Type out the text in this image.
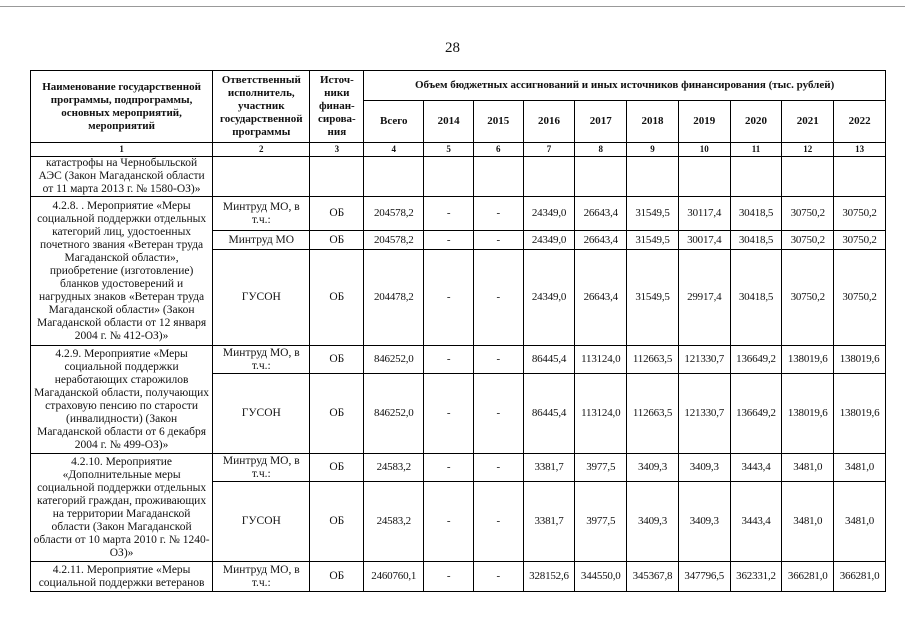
28
Наименование государственной программы, подпрограммы, основных мероприятий, мероприятий	Ответственный исполнитель, участник государственной программы	Источ-ники финан-сирова-ния	Объем бюджетных ассигнований и иных источников финансирования (тыс. рублей)									
			Всего	2014	2015	2016	2017	2018	2019	2020	2021	2022
1	2	3	4	5	6	7	8	9	10	11	12	13
катастрофы на Чернобыльской АЭС (Закон Магаданской области от 11 марта 2013 г. № 1580-ОЗ)»												
4.2.8. . Мероприятие «Меры социальной поддержки отдельных категорий лиц, удостоенных почетного звания «Ветеран труда Магаданской области», приобретение (изготовление) бланков удостоверений и нагрудных знаков «Ветеран труда Магаданской области» (Закон Магаданской области от 12 января 2004 г. № 412-ОЗ)»	Минтруд МО, в т.ч.:	ОБ	204578,2	-	-	24349,0	26643,4	31549,5	30117,4	30418,5	30750,2	30750,2
	Минтруд МО	ОБ	204578,2	-	-	24349,0	26643,4	31549,5	30017,4	30418,5	30750,2	30750,2
	ГУСОН	ОБ	204478,2	-	-	24349,0	26643,4	31549,5	29917,4	30418,5	30750,2	30750,2
4.2.9. Мероприятие «Меры социальной поддержки неработающих старожилов Магаданской области, получающих страховую пенсию по старости (инвалидности) (Закон Магаданской области от 6 декабря 2004 г. № 499-ОЗ)»	Минтруд МО, в т.ч.:	ОБ	846252,0	-	-	86445,4	113124,0	112663,5	121330,7	136649,2	138019,6	138019,6
	ГУСОН	ОБ	846252,0	-	-	86445,4	113124,0	112663,5	121330,7	136649,2	138019,6	138019,6
4.2.10. Мероприятие «Дополнительные меры социальной поддержки отдельных категорий граждан, проживающих на территории Магаданской области (Закон Магаданской области от 10 марта 2010 г. № 1240-ОЗ)»	Минтруд МО, в т.ч.:	ОБ	24583,2	-	-	3381,7	3977,5	3409,3	3409,3	3443,4	3481,0	3481,0
	ГУСОН	ОБ	24583,2	-	-	3381,7	3977,5	3409,3	3409,3	3443,4	3481,0	3481,0
4.2.11. Мероприятие «Меры социальной поддержки ветеранов	Минтруд МО, в т.ч.:	ОБ	2460760,1	-	-	328152,6	344550,0	345367,8	347796,5	362331,2	366281,0	366281,0
